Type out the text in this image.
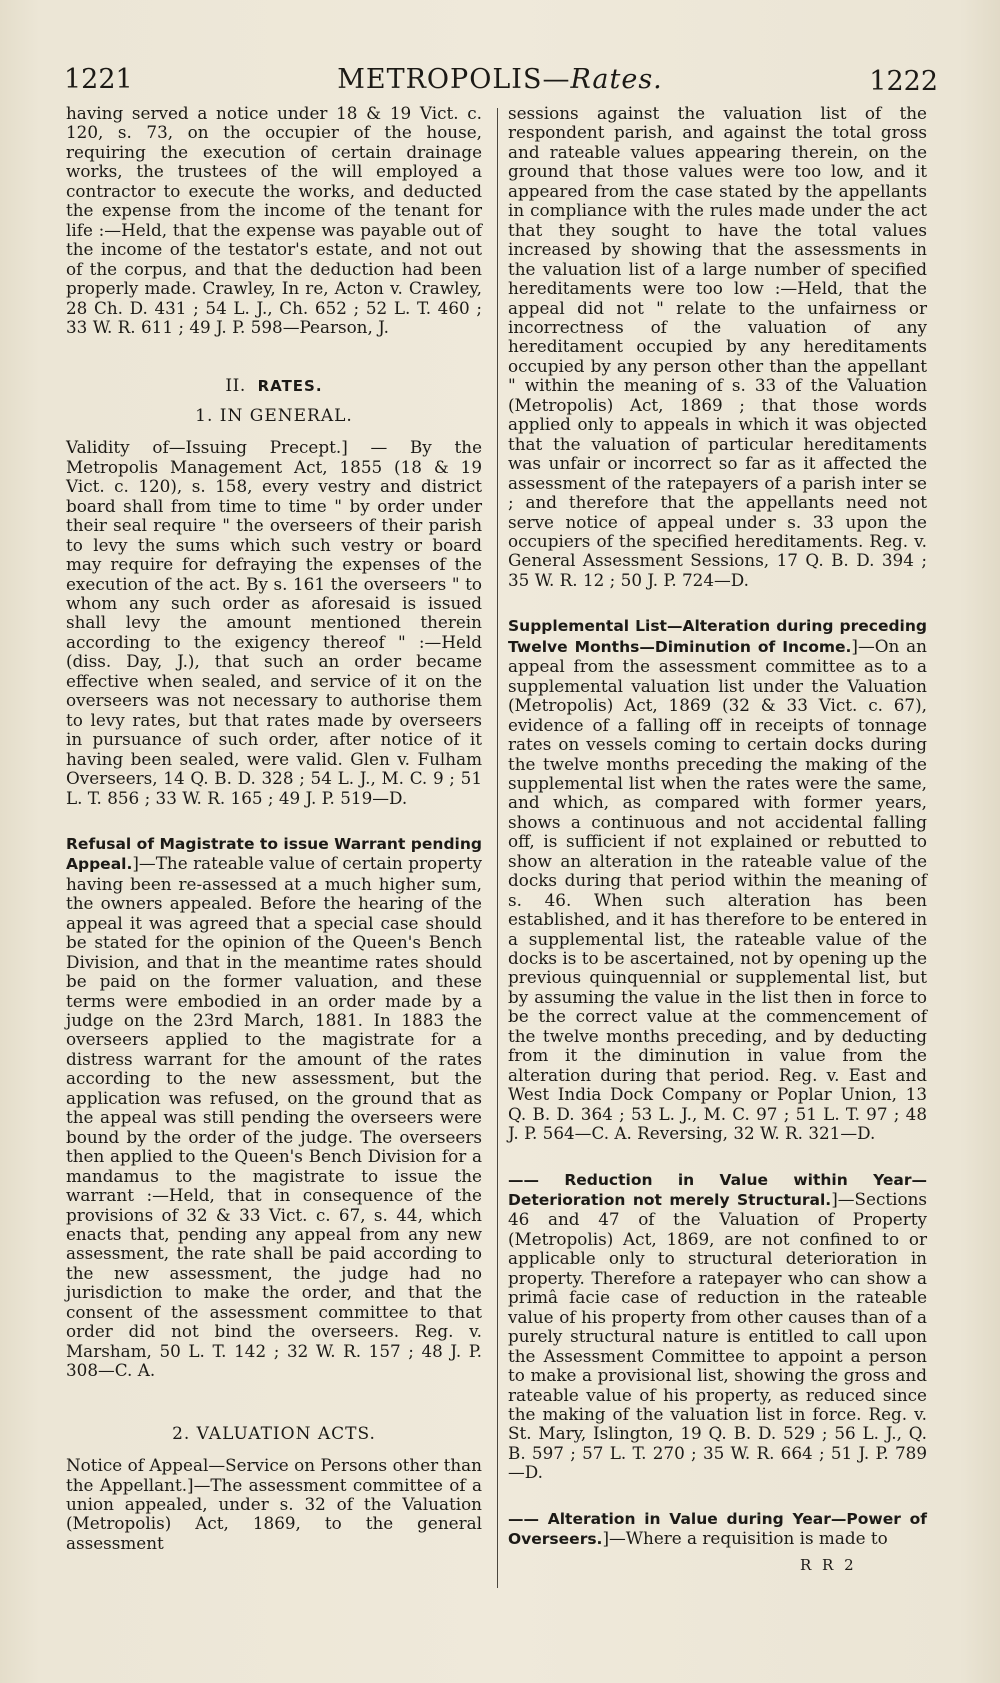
1221	METROPOLIS—Rates.	1222

having served a notice under 18 & 19 Vict. c. 120, s. 73, on the occupier of the house, requiring the execution of certain drainage works, the trustees of the will employed a contractor to execute the works, and deducted the expense from the income of the tenant for life :—Held, that the expense was payable out of the income of the testator's estate, and not out of the corpus, and that the deduction had been properly made. Crawley, In re, Acton v. Crawley, 28 Ch. D. 431 ; 54 L. J., Ch. 652 ; 52 L. T. 460 ; 33 W. R. 611 ; 49 J. P. 598—Pearson, J.

II. RATES.
1. IN GENERAL.

Validity of—Issuing Precept.] — By the Metropolis Management Act, 1855 (18 & 19 Vict. c. 120), s. 158, every vestry and district board shall from time to time " by order under their seal require " the overseers of their parish to levy the sums which such vestry or board may require for defraying the expenses of the execution of the act. By s. 161 the overseers " to whom any such order as aforesaid is issued shall levy the amount mentioned therein according to the exigency thereof " :—Held (diss. Day, J.), that such an order became effective when sealed, and service of it on the overseers was not necessary to authorise them to levy rates, but that rates made by overseers in pursuance of such order, after notice of it having been sealed, were valid. Glen v. Fulham Overseers, 14 Q. B. D. 328 ; 54 L. J., M. C. 9 ; 51 L. T. 856 ; 33 W. R. 165 ; 49 J. P. 519—D.

Refusal of Magistrate to issue Warrant pending Appeal.]—The rateable value of certain property having been re-assessed at a much higher sum, the owners appealed. Before the hearing of the appeal it was agreed that a special case should be stated for the opinion of the Queen's Bench Division, and that in the meantime rates should be paid on the former valuation, and these terms were embodied in an order made by a judge on the 23rd March, 1881. In 1883 the overseers applied to the magistrate for a distress warrant for the amount of the rates according to the new assessment, but the application was refused, on the ground that as the appeal was still pending the overseers were bound by the order of the judge. The overseers then applied to the Queen's Bench Division for a mandamus to the magistrate to issue the warrant :—Held, that in consequence of the provisions of 32 & 33 Vict. c. 67, s. 44, which enacts that, pending any appeal from any new assessment, the rate shall be paid according to the new assessment, the judge had no jurisdiction to make the order, and that the consent of the assessment committee to that order did not bind the overseers. Reg. v. Marsham, 50 L. T. 142 ; 32 W. R. 157 ; 48 J. P. 308—C. A.

2. VALUATION ACTS.

Notice of Appeal—Service on Persons other than the Appellant.]—The assessment committee of a union appealed, under s. 32 of the Valuation (Metropolis) Act, 1869, to the general assessment

sessions against the valuation list of the respondent parish, and against the total gross and rateable values appearing therein, on the ground that those values were too low, and it appeared from the case stated by the appellants in compliance with the rules made under the act that they sought to have the total values increased by showing that the assessments in the valuation list of a large number of specified hereditaments were too low :—Held, that the appeal did not " relate to the unfairness or incorrectness of the valuation of any hereditament occupied by any hereditaments occupied by any person other than the appellant " within the meaning of s. 33 of the Valuation (Metropolis) Act, 1869 ; that those words applied only to appeals in which it was objected that the valuation of particular hereditaments was unfair or incorrect so far as it affected the assessment of the ratepayers of a parish inter se ; and therefore that the appellants need not serve notice of appeal under s. 33 upon the occupiers of the specified hereditaments. Reg. v. General Assessment Sessions, 17 Q. B. D. 394 ; 35 W. R. 12 ; 50 J. P. 724—D.

Supplemental List—Alteration during preceding Twelve Months—Diminution of Income.]—On an appeal from the assessment committee as to a supplemental valuation list under the Valuation (Metropolis) Act, 1869 (32 & 33 Vict. c. 67), evidence of a falling off in receipts of tonnage rates on vessels coming to certain docks during the twelve months preceding the making of the supplemental list when the rates were the same, and which, as compared with former years, shows a continuous and not accidental falling off, is sufficient if not explained or rebutted to show an alteration in the rateable value of the docks during that period within the meaning of s. 46. When such alteration has been established, and it has therefore to be entered in a supplemental list, the rateable value of the docks is to be ascertained, not by opening up the previous quinquennial or supplemental list, but by assuming the value in the list then in force to be the correct value at the commencement of the twelve months preceding, and by deducting from it the diminution in value from the alteration during that period. Reg. v. East and West India Dock Company or Poplar Union, 13 Q. B. D. 364 ; 53 L. J., M. C. 97 ; 51 L. T. 97 ; 48 J. P. 564—C. A. Reversing, 32 W. R. 321—D.

—— Reduction in Value within Year—Deterioration not merely Structural.]—Sections 46 and 47 of the Valuation of Property (Metropolis) Act, 1869, are not confined to or applicable only to structural deterioration in property. Therefore a ratepayer who can show a primâ facie case of reduction in the rateable value of his property from other causes than of a purely structural nature is entitled to call upon the Assessment Committee to appoint a person to make a provisional list, showing the gross and rateable value of his property, as reduced since the making of the valuation list in force. Reg. v. St. Mary, Islington, 19 Q. B. D. 529 ; 56 L. J., Q. B. 597 ; 57 L. T. 270 ; 35 W. R. 664 ; 51 J. P. 789—D.

—— Alteration in Value during Year—Power of Overseers.]—Where a requisition is made to

R R 2
